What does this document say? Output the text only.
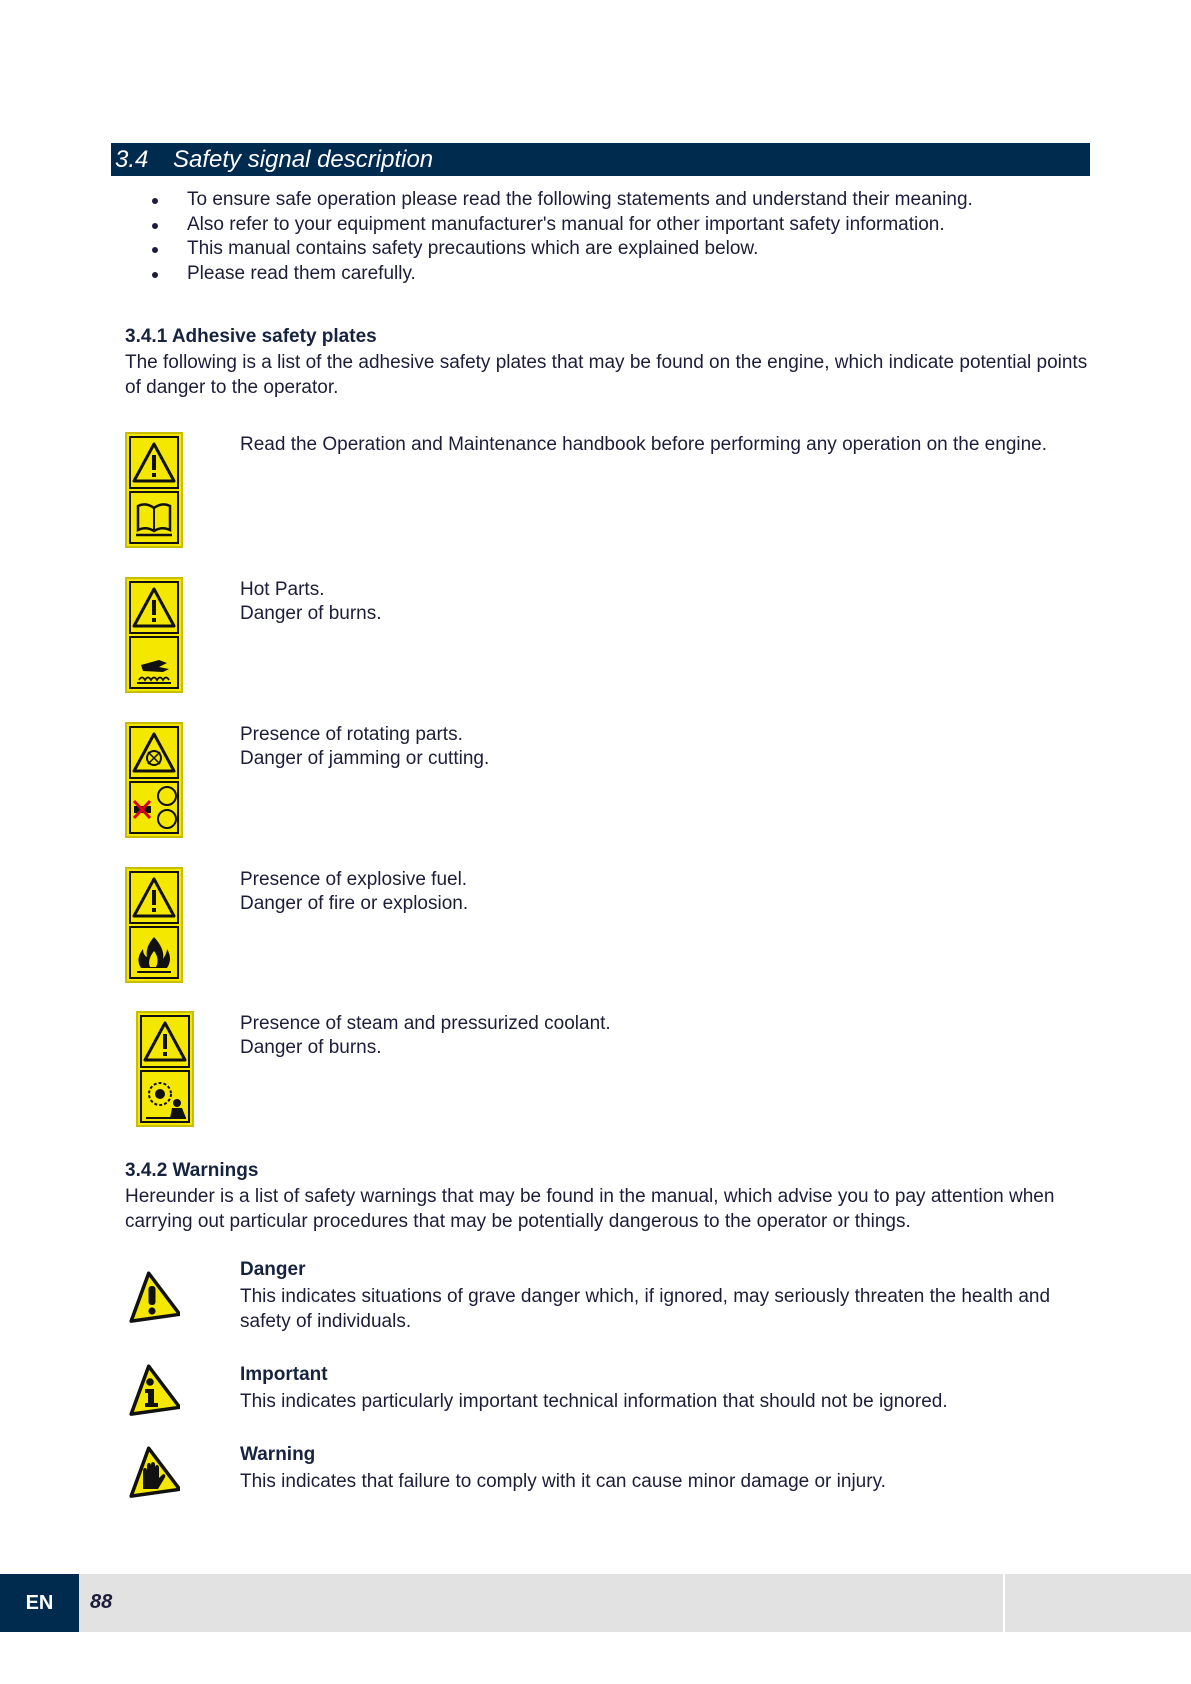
3.4	Safety signal description
To ensure safe operation please read the following statements and understand their meaning.
Also refer to your equipment manufacturer's manual for other important safety information.
This manual contains safety precautions which are explained below.
Please read them carefully.
3.4.1 Adhesive safety plates

The following is a list of the adhesive safety plates that may be found on the engine, which indicate potential points of danger to the operator.

Read the Operation and Maintenance handbook before performing any operation on the engine.
Hot Parts.
Danger of burns.
Presence of rotating parts.
Danger of jamming or cutting.
Presence of explosive fuel.
Danger of fire or explosion.
Presence of steam and pressurized coolant.
Danger of burns.
3.4.2 Warnings

Hereunder is a list of safety warnings that may be found in the manual, which advise you to pay attention when carrying out particular procedures that may be potentially dangerous to the operator or things.

Danger

This indicates situations of grave danger which, if ignored, may seriously threaten the health and safety of individuals.

Important

This indicates particularly important technical information that should not be ignored.

Warning

This indicates that failure to comply with it can cause minor damage or injury.

EN	88
